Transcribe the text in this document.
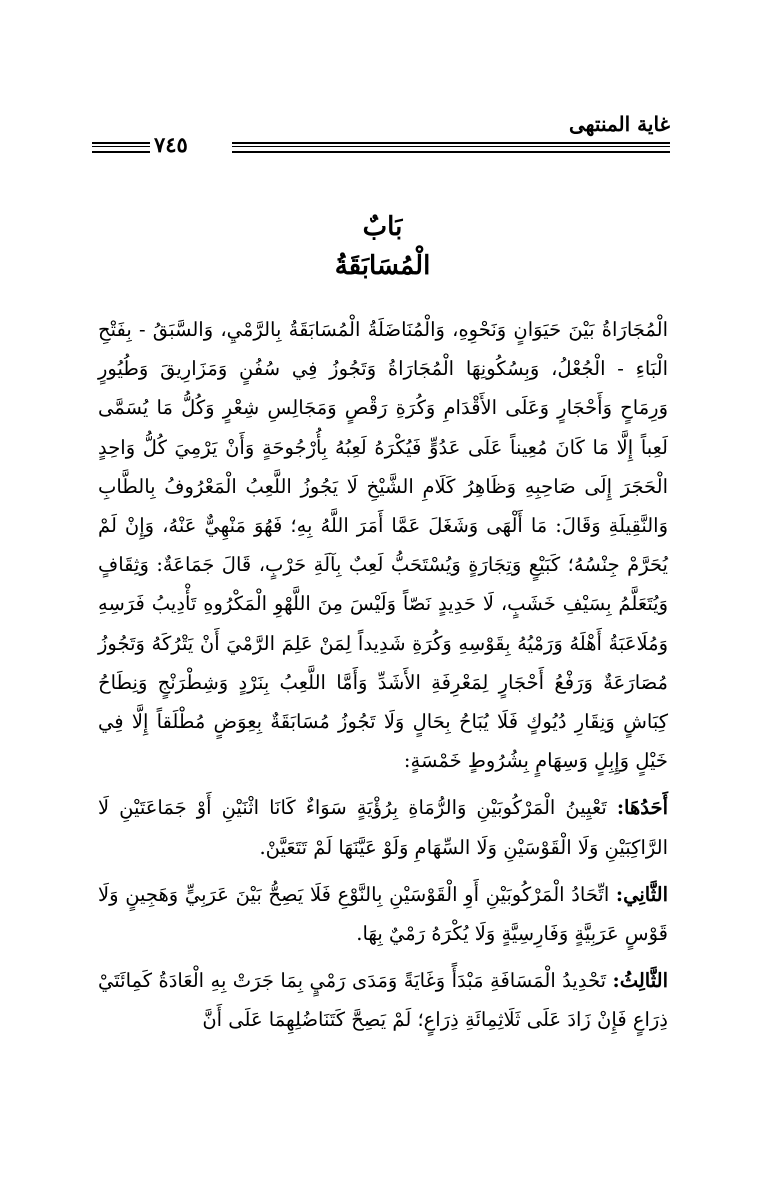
غاية المنتهى
٧٤٥
بَابٌ
الْمُسَابَقَةُ

الْمُجَارَاةُ بَيْنَ حَيَوَانٍ وَنَحْوِهِ، وَالْمُنَاضَلَةُ الْمُسَابَقَةُ بِالرَّمْيِ، وَالسَّبَقُ - بِفَتْحِ الْبَاءِ - الْجُعْلُ، وَبِسُكُونِهَا الْمُجَارَاةُ وَتَجُوزُ فِي سُفُنٍ وَمَزَارِيقَ وَطُيُورٍ وَرِمَاحٍ وَأَحْجَارٍ وَعَلَى الأَقْدَامِ وَكُرَةِ رَقْصٍ وَمَجَالِسِ شِعْرٍ وَكُلُّ مَا يُسَمَّى لَعِباً إِلَّا مَا كَانَ مُعِيناً عَلَى عَدُوٍّ فَيُكْرَهُ لَعِبُهُ بِأُرْجُوحَةٍ وَأَنْ يَرْمِيَ كُلُّ وَاحِدٍ الْحَجَرَ إِلَى صَاحِبِهِ وَظَاهِرُ كَلَامِ الشَّيْخِ لَا يَجُوزُ اللَّعِبُ الْمَعْرُوفُ بِالطَّابِ وَالنَّقِيلَةِ وَقَالَ: مَا أَلْهَى وَشَغَلَ عَمَّا أَمَرَ اللَّهُ بِهِ؛ فَهُوَ مَنْهِيٌّ عَنْهُ، وَإِنْ لَمْ يُحَرَّمْ جِنْسُهُ؛ كَبَيْعٍ وَتِجَارَةٍ وَيُسْتَحَبُّ لَعِبٌ بِآلَةِ حَرْبٍ، قَالَ جَمَاعَةٌ: وَثِقَافٍ وَيُتَعَلَّمُ بِسَيْفِ خَشَبٍ، لَا حَدِيدٍ نَصّاً وَلَيْسَ مِنَ اللَّهْوِ الْمَكْرُوهِ تَأْدِيبُ فَرَسِهِ وَمُلَاعَبَةُ أَهْلَهُ وَرَمْيُهُ بِقَوْسِهِ وَكُرَةِ شَدِيداً لِمَنْ عَلِمَ الرَّمْيَ أَنْ يَتْرُكَهُ وَتَجُوزُ مُصَارَعَةٌ وَرَفْعُ أَحْجَارٍ لِمَعْرِفَةِ الأَشَدِّ وَأَمَّا اللَّعِبُ بِنَرْدٍ وَشِطْرَنْجٍ وَنِطَاحُ كِبَاشٍ وَنِقَارِ دُيُوكٍ فَلَا يُبَاحُ بِحَالٍ وَلَا تَجُوزُ مُسَابَقَةٌ بِعِوَضٍ مُطْلَقاً إِلَّا فِي خَيْلٍ وَإِبِلٍ وَسِهَامٍ بِشُرُوطٍ خَمْسَةٍ:

أَحَدُهَا: تَعْيِينُ الْمَرْكُوبَيْنِ وَالرُّمَاةِ بِرُؤْيَةٍ سَوَاءٌ كَانَا اثْنَيْنِ أَوْ جَمَاعَتَيْنِ لَا الرَّاكِبَيْنِ وَلَا الْقَوْسَيْنِ وَلَا السِّهَامِ وَلَوْ عَيَّنَهَا لَمْ تَتَعَيَّنْ.

الثَّانِي: اتِّحَادُ الْمَرْكُوبَيْنِ أَوِ الْقَوْسَيْنِ بِالنَّوْعِ فَلَا يَصِحُّ بَيْنَ عَرَبِيٍّ وَهَجِينٍ وَلَا قَوْسٍ عَرَبِيَّةٍ وَفَارِسِيَّةٍ وَلَا يُكْرَهُ رَمْيٌ بِهَا.

الثَّالِثُ: تَحْدِيدُ الْمَسَافَةِ مَبْدَأً وَغَايَةً وَمَدَى رَمْيٍ بِمَا جَرَتْ بِهِ الْعَادَةُ كَمِائَتَيْ ذِرَاعٍ فَإِنْ زَادَ عَلَى ثَلَاثِمِائَةِ ذِرَاعٍ؛ لَمْ يَصِحَّ كَتَنَاضُلِهِمَا عَلَى أَنَّ
